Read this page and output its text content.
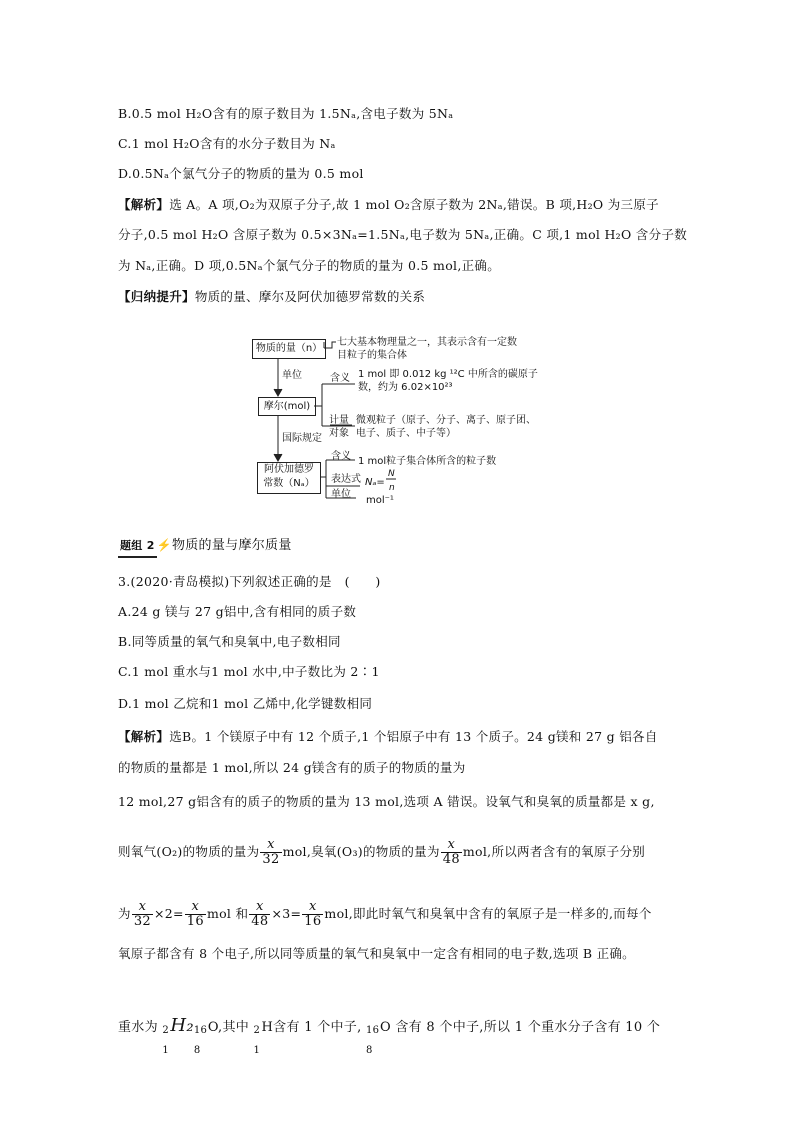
B.0.5 mol H₂O含有的原子数目为 1.5Nₐ,含电子数为 5Nₐ
C.1 mol H₂O含有的水分子数目为 Nₐ
D.0.5Nₐ个氯气分子的物质的量为 0.5 mol
【解析】选 A。A 项,O₂为双原子分子,故 1 mol O₂含原子数为 2Nₐ,错误。B 项,H₂O 为三原子
分子,0.5 mol H₂O 含原子数为 0.5×3Nₐ=1.5Nₐ,电子数为 5Nₐ,正确。C 项,1 mol H₂O 含分子数
为 Nₐ,正确。D 项,0.5Nₐ个氯气分子的物质的量为 0.5 mol,正确。
【归纳提升】物质的量、摩尔及阿伏加德罗常数的关系
物质的量（n）
七大基本物理量之一，其表示含有一定数
目粒子的集合体
单位
摩尔(mol)
含义 1 mol 即 0.012 kg ¹²C 中所含的碳原子
数，约为 6.02×10²³
计量
对象
微观粒子（原子、分子、离子、原子团、
电子、质子、中子等）
国际规定
阿伏加德罗
常数（Nₐ）
含义 1 mol粒子集合体所含的粒子数
表达式 Nₐ=
N
n
单位
mol⁻¹
题组 2 ⚡物质的量与摩尔质量
3.(2020·青岛模拟)下列叙述正确的是　(　　)
A.24 g 镁与 27 g铝中,含有相同的质子数
B.同等质量的氧气和臭氧中,电子数相同
C.1 mol 重水与1 mol 水中,中子数比为 2∶1
D.1 mol 乙烷和1 mol 乙烯中,化学键数相同
【解析】选B。1 个镁原子中有 12 个质子,1 个铝原子中有 13 个质子。24 g镁和 27 g 铝各自
的物质的量都是 1 mol,所以 24 g镁含有的质子的物质的量为
12 mol,27 g铝含有的质子的物质的量为 13 mol,选项 A 错误。设氧气和臭氧的质量都是 x g,
则氧气(O₂)的物质的量为 $\frac{x}{32}$ mol,臭氧(O₃)的物质的量为 $\frac{x}{48}$ mol,所以两者含有的氧原子分别
为 $\frac{x}{32} \times 2= \frac{x}{16}$ mol 和 $\frac{x}{48} \times 3= \frac{x}{16}$ mol,即此时氧气和臭氧中含有的氧原子是一样多的,而每个
氧原子都含有 8 个电子,所以同等质量的氧气和臭氧中一定含有相同的电子数,选项 B 正确。
重水为 2
1
H₂ 16
8
O,其中 2
1
H含有 1 个中子, 16
8
O 含有 8 个中子,所以 1 个重水分子含有 10 个
